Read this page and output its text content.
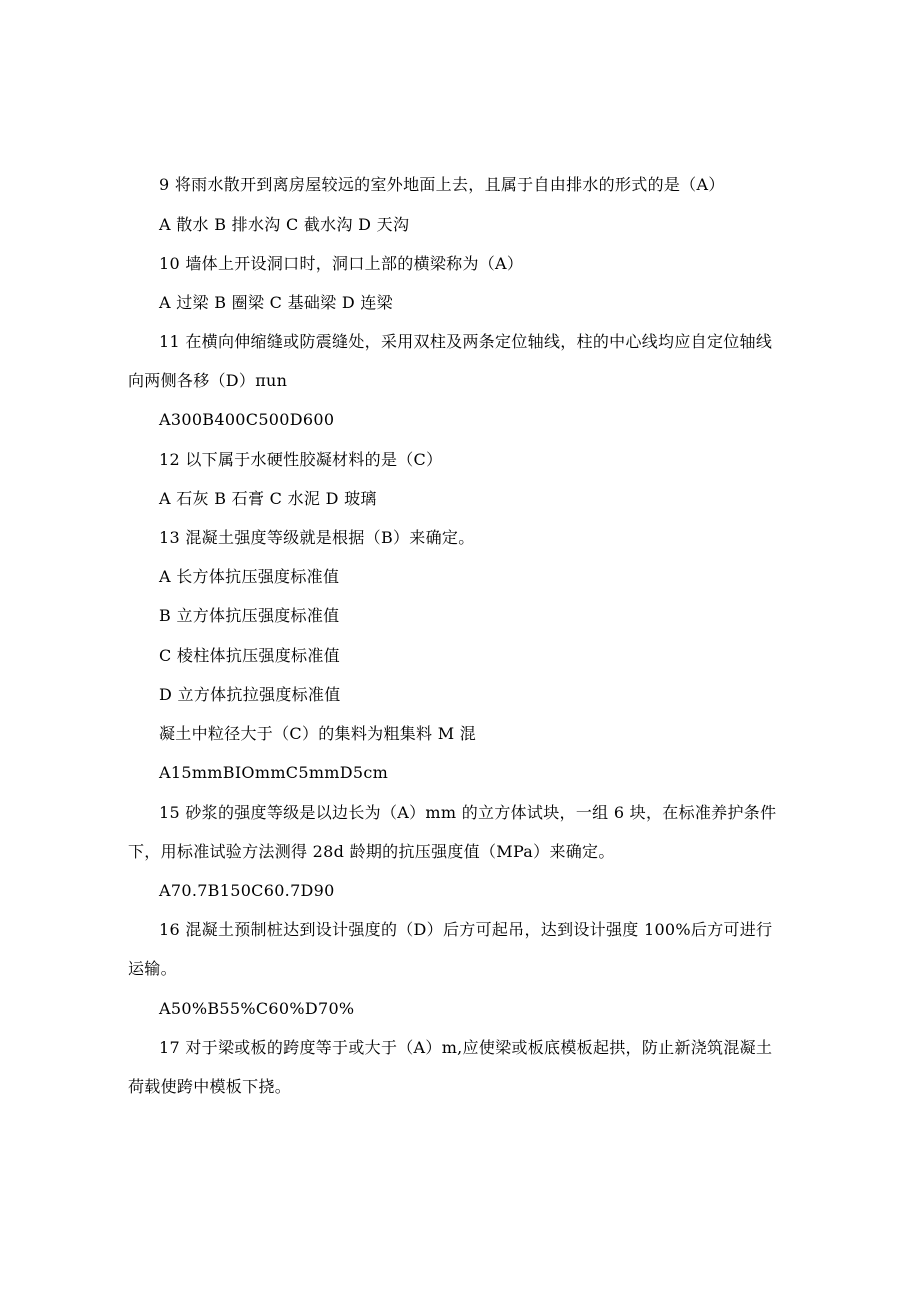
9 将雨水散开到离房屋较远的室外地面上去，且属于自由排水的形式的是（A）
A 散水 B 排水沟 C 截水沟 D 天沟
10 墙体上开设洞口时，洞口上部的横梁称为（A）
A 过梁 B 圈梁 C 基础梁 D 连梁
11 在横向伸缩缝或防震缝处，采用双柱及两条定位轴线，柱的中心线均应自定位轴线
向两侧各移（D）πun
A300B400C500D600
12 以下属于水硬性胶凝材料的是（C）
A 石灰 B 石膏 C 水泥 D 玻璃
13 混凝土强度等级就是根据（B）来确定。
A 长方体抗压强度标准值
B 立方体抗压强度标准值
C 棱柱体抗压强度标准值
D 立方体抗拉强度标准值
凝土中粒径大于（C）的集料为粗集料 M 混
A15mmBIOmmC5mmD5cm
15 砂浆的强度等级是以边长为（A）mm 的立方体试块，一组 6 块，在标准养护条件
下，用标准试验方法测得 28d 龄期的抗压强度值（MPa）来确定。
A70.7B150C60.7D90
16 混凝土预制桩达到设计强度的（D）后方可起吊，达到设计强度 100%后方可进行
运输。
A50%B55%C60%D70%
17 对于梁或板的跨度等于或大于（A）m,应使梁或板底模板起拱，防止新浇筑混凝土
荷载使跨中模板下挠。
